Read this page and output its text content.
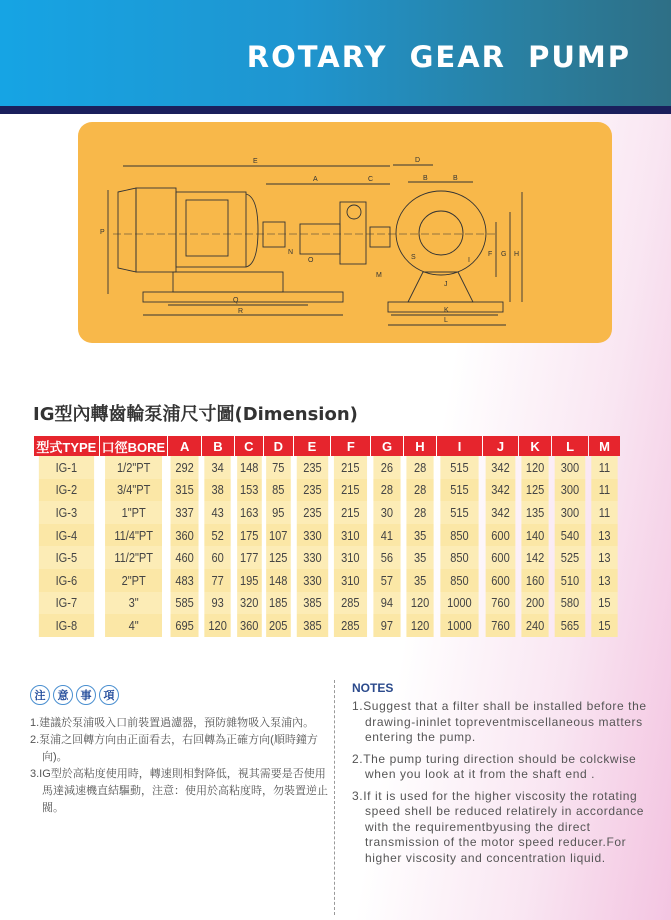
ROTARY GEAR PUMP
E
A	C
D
B	B
P
N
O
Q
R
M
S
J
K
L
F G H
I
IG型內轉齒輪泵浦尺寸圖(Dimension)
型式TYPE	口徑BORE	A	B	C	D	E	F	G	H	I	J	K	L	M
IG-1	1/2"PT	292	34	148	75	235	215	26	28	515	342	120	300	11
IG-2	3/4"PT	315	38	153	85	235	215	28	28	515	342	125	300	11
IG-3	1"PT	337	43	163	95	235	215	30	28	515	342	135	300	11
IG-4	11/4"PT	360	52	175	107	330	310	41	35	850	600	140	540	13
IG-5	11/2"PT	460	60	177	125	330	310	56	35	850	600	142	525	13
IG-6	2"PT	483	77	195	148	330	310	57	35	850	600	160	510	13
IG-7	3"	585	93	320	185	385	285	94	120	1000	760	200	580	15
IG-8	4"	695	120	360	205	385	285	97	120	1000	760	240	565	15
注	意	事	項

1.建議於泵浦吸入口前裝置過濾器，預防雜物吸入泵浦內。

2.泵浦之回轉方向由正面看去，右回轉為正確方向(順時鐘方向)。

3.IG型於高粘度使用時，轉速則相對降低，視其需要是否使用馬達減速機直結驅動，注意：使用於高粘度時，勿裝置逆止閥。

NOTES

1.Suggest that a filter shall be installed before the drawing-ininlet topreventmiscellaneous matters entering the pump.

2.The pump turing direction should be colckwise when you look at it from the shaft end .

3.If it is used for the higher viscosity the rotating speed shell be reduced relatirely in accordance with the requirementbyusing the direct transmission of the motor speed reducer.For higher viscosity and concentration liquid.
